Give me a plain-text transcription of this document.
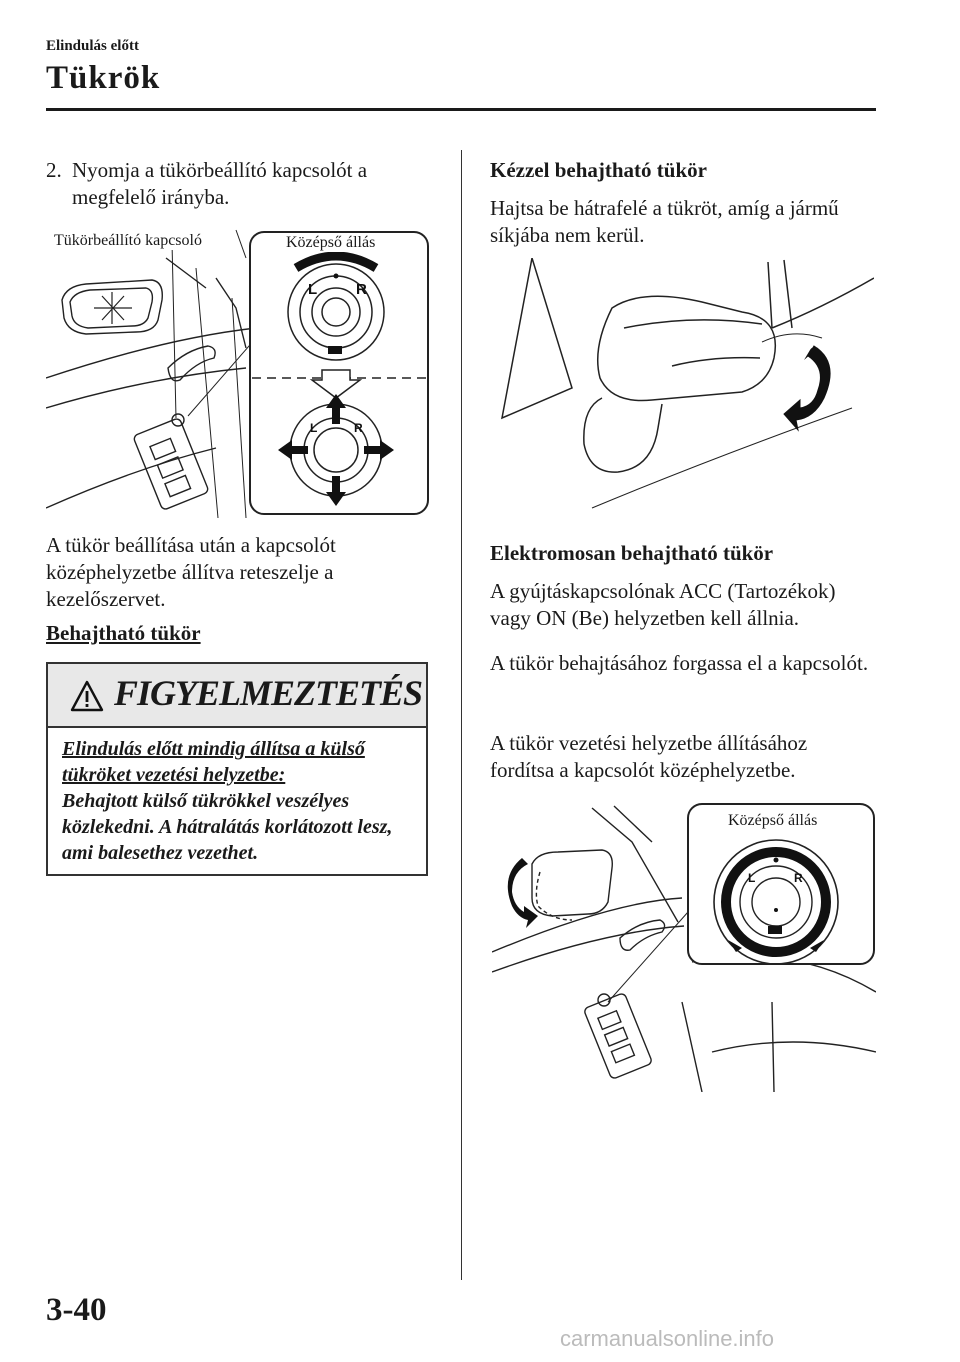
Elindulás előtt
Tükrök
2. Nyomja a tükörbeállító kapcsolót a megfelelő irányba.
L	R
L	R
Tükörbeállító kapcsoló	Középső állás
A tükör beállítása után a kapcsolót középhelyzetbe állítva reteszelje a kezelőszervet.
Behajtható tükör
FIGYELMEZTETÉS
Elindulás előtt mindig állítsa a külső tükröket vezetési helyzetbe:
Behajtott külső tükrökkel veszélyes közlekedni. A hátralátás korlátozott lesz, ami balesethez vezethet.
Kézzel behajtható tükör
Hajtsa be hátrafelé a tükröt, amíg a jármű síkjába nem kerül.
Elektromosan behajtható tükör
A gyújtáskapcsolónak ACC (Tartozékok) vagy ON (Be) helyzetben kell állnia.
A tükör behajtásához forgassa el a kapcsolót.
A tükör vezetési helyzetbe állításához fordítsa a kapcsolót középhelyzetbe.
L	R
Középső állás
3-40
carmanualsonline.info
